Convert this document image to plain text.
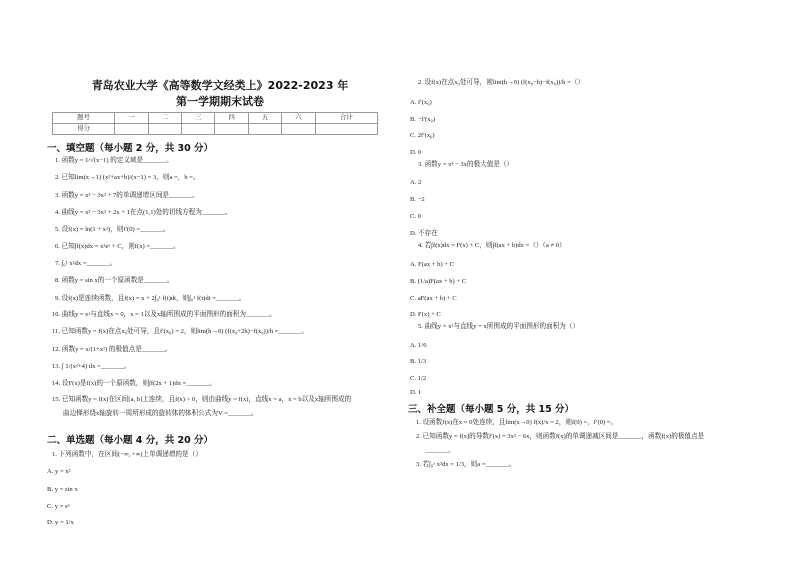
青岛农业大学《高等数学文经类上》2022-2023 年
第一学期期末试卷
题号	一	二	三	四	五	六	合计
得分							
一、填空题（每小题 2 分，共 30 分）
1. 函数y = 1/√(x−1) 的定义域是_______。
2. 已知lim(x→1) (x²+ax+b)/(x−1) = 3，则a =，b =。
3. 函数y = x³ − 3x² + 7的单调递增区间是_______。
4. 曲线y = x³ − 3x² + 2x + 1在点(1,1)处的切线方程为_______。
5. 设f(x) = ln(1 + x²)，则f′(0) =_______。
6. 已知∫f(x)dx = x²eˣ + C，则f(x) =_______。
7. ∫₀¹ x²dx =_______。
8. 函数y = sin x的一个原函数是_______。
9. 设f(x)是连续函数，且f(x) = x + 2∫₀¹ f(t)dt，则∫₀¹ f(t)dt =_______。
10. 曲线y = eˣ与直线x = 0，x = 1以及x轴所围成的平面图形的面积为_______。
11. 已知函数y = f(x)在点x₀处可导，且f′(x₀) = 2，则lim(h→0) (f(x₀+2h)−f(x₀))/h =_______。
12. 函数y = x/(1+x²) 的极值点是_______。
13. ∫ 1/(x²+4) dx =_______。
14. 设F(x)是f(x)的一个原函数，则∫f(2x + 1)dx =_______。
15. 已知函数y = f(x)在区间[a, b]上连续，且f(x) > 0，则由曲线y = f(x)，直线x = a，x = b以及x轴所围成的
曲边梯形绕x轴旋转一周所形成的旋转体的体积公式为V =_______。
二、单选题（每小题 4 分，共 20 分）
1. 下列函数中，在区间(−∞, +∞)上单调递增的是（）
A. y = x²
B. y = sin x
C. y = eˣ
D. y = 1/x
2. 设f(x)在点x₀处可导，则lim(h→0) (f(x₀−h)−f(x₀))/h =（）
A. f′(x₀)
B. −f′(x₀)
C. 2f′(x₀)
D. 0
3. 函数y = x³ − 3x的极大值是（）
A. 2
B. −2
C. 0
D. 不存在
4. 若∫f(x)dx = F(x) + C，则∫f(ax + b)dx =（）（a ≠ 0）
A. F(ax + b) + C
B. (1/a)F(ax + b) + C
C. aF(ax + b) + C
D. F(x) + C
5. 曲线y = x²与直线y = x所围成的平面图形的面积为（）
A. 1/6
B. 1/3
C. 1/2
D. 1
三、补全题（每小题 5 分，共 15 分）
1. 设函数f(x)在x = 0处连续，且lim(x→0) f(x)/x = 2，则f(0) =，f′(0) =。
2. 已知函数y = f(x)的导数f′(x) = 3x² − 6x，则函数f(x)的单调递减区间是_______，函数f(x)的极值点是
_______。
3. 若∫₀ᵃ x²dx = 1/3，则a =_______。
